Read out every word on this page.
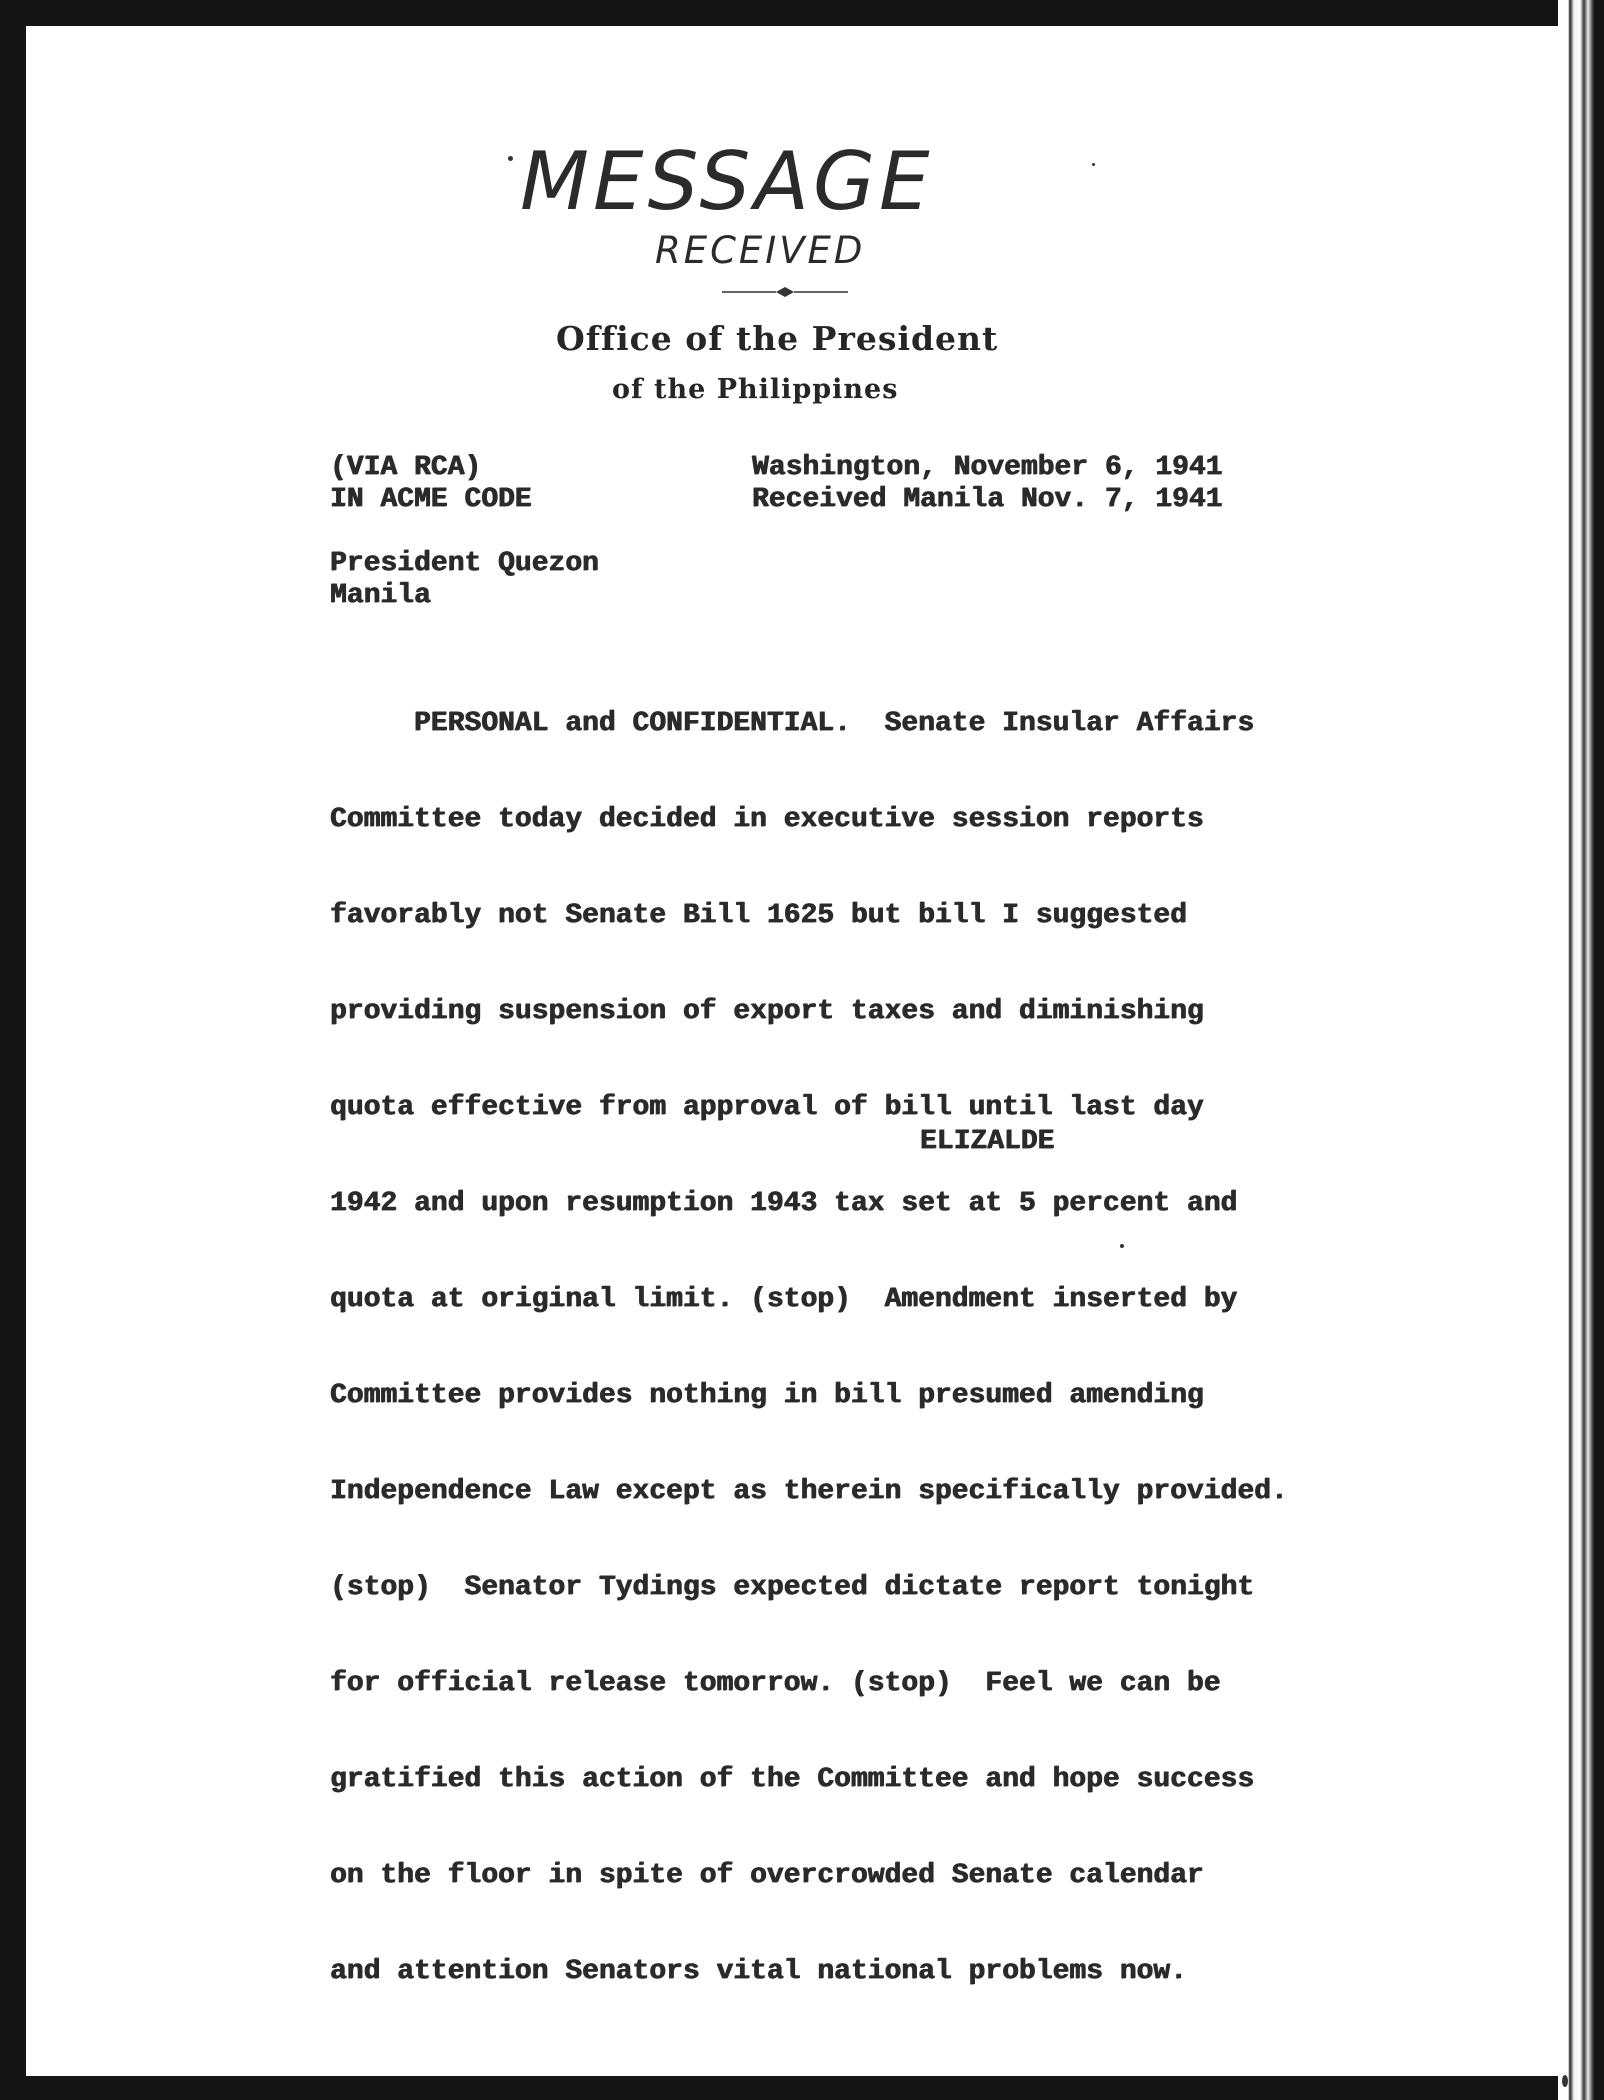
MESSAGE
RECEIVED
Office of the President
of the Philippines
(VIA RCA)
IN ACME CODE
Washington, November 6, 1941
Received Manila Nov. 7, 1941
President Quezon
Manila

PERSONAL and CONFIDENTIAL.  Senate Insular Affairs

Committee today decided in executive session reports

favorably not Senate Bill 1625 but bill I suggested

providing suspension of export taxes and diminishing

quota effective from approval of bill until last day

1942 and upon resumption 1943 tax set at 5 percent and

quota at original limit. (stop)  Amendment inserted by

Committee provides nothing in bill presumed amending

Independence Law except as therein specifically provided.

(stop)  Senator Tydings expected dictate report tonight

for official release tomorrow. (stop)  Feel we can be

gratified this action of the Committee and hope success

on the floor in spite of overcrowded Senate calendar

and attention Senators vital national problems now.

ELIZALDE
